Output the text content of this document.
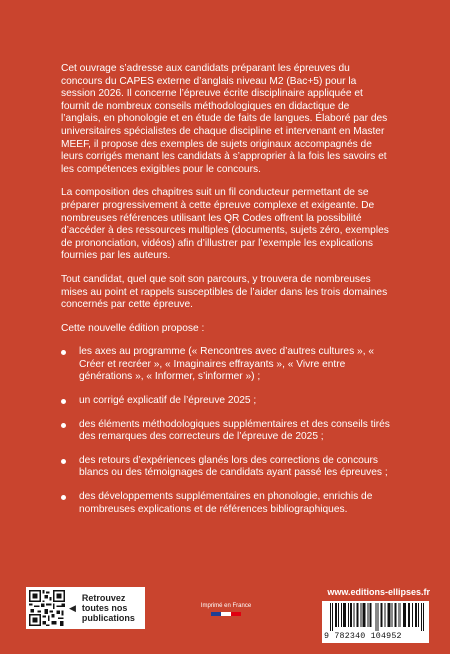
Cet ouvrage s’adresse aux candidats préparant les épreuves du concours du CAPES externe d’anglais niveau M2 (Bac+5) pour la session 2026. Il concerne l’épreuve écrite disciplinaire appliquée et fournit de nombreux conseils méthodologiques en didactique de l’anglais, en phonologie et en étude de faits de langues. Élaboré par des universitaires spécialistes de chaque discipline et intervenant en Master MEEF, il propose des exemples de sujets originaux accompagnés de leurs corrigés menant les candidats à s’approprier à la fois les savoirs et les compétences exigibles pour le concours.

La composition des chapitres suit un fil conducteur permettant de se préparer progressivement à cette épreuve complexe et exigeante. De nombreuses références utilisant les QR Codes offrent la possibilité d’accéder à des ressources multiples (documents, sujets zéro, exemples de prononciation, vidéos) afin d’illustrer par l’exemple les explications fournies par les auteurs.

Tout candidat, quel que soit son parcours, y trouvera de nombreuses mises au point et rappels susceptibles de l’aider dans les trois domaines concernés par cette épreuve.

Cette nouvelle édition propose :

les axes au programme (« Rencontres avec d’autres cultures », « Créer et recréer », « Imaginaires effrayants », « Vivre entre générations », « Informer, s’informer ») ;
un corrigé explicatif de l’épreuve 2025 ;
des éléments méthodologiques supplémentaires et des conseils tirés des remarques des correcteurs de l’épreuve de 2025 ;
des retours d’expériences glanés lors des corrections de concours blancs ou des témoignages de candidats ayant passé les épreuves ;
des développements supplémentaires en phonologie, enrichis de nombreuses explications et de références bibliographiques.
◀
Retrouvez
toutes nos
publications
Imprimé en France
www.editions-ellipses.fr
9 782340 104952
